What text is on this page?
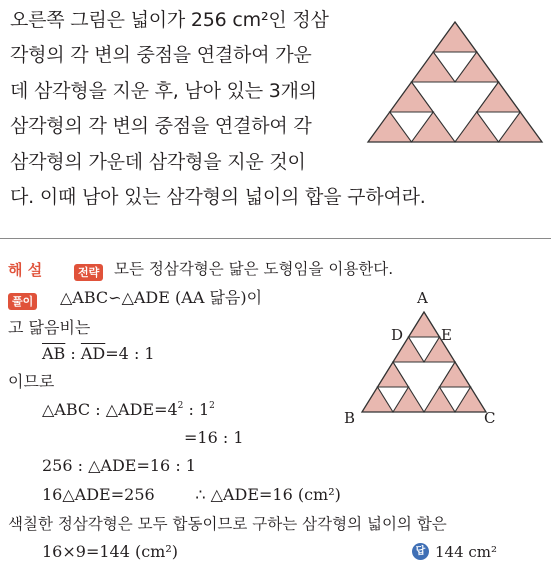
오른쪽 그림은 넓이가 256 cm²인 정삼
각형의 각 변의 중점을 연결하여 가운
데 삼각형을 지운 후, 남아 있는 3개의
삼각형의 각 변의 중점을 연결하여 각
삼각형의 가운데 삼각형을 지운 것이
다. 이때 남아 있는 삼각형의 넓이의 합을 구하여라.
해 설	전략 모든 정삼각형은 닮은 도형임을 이용한다.
풀이 △ABC∽△ADE (AA 닮음)이
고 닮음비는
$\overline{AB}$ : $\overline{AD}=4$ : 1
이므로
△ABC : $\triangle ADE=4^2$ : $1^2$
=16 : 1
256 : △ADE=16 : 1
16△ADE=256        ∴ △ADE=16 (cm²)
색칠한 정삼각형은 모두 합동이므로 구하는 삼각형의 넓이의 합은
16×9=144 (cm²)	답 144 cm²
A
D	E
B	C
